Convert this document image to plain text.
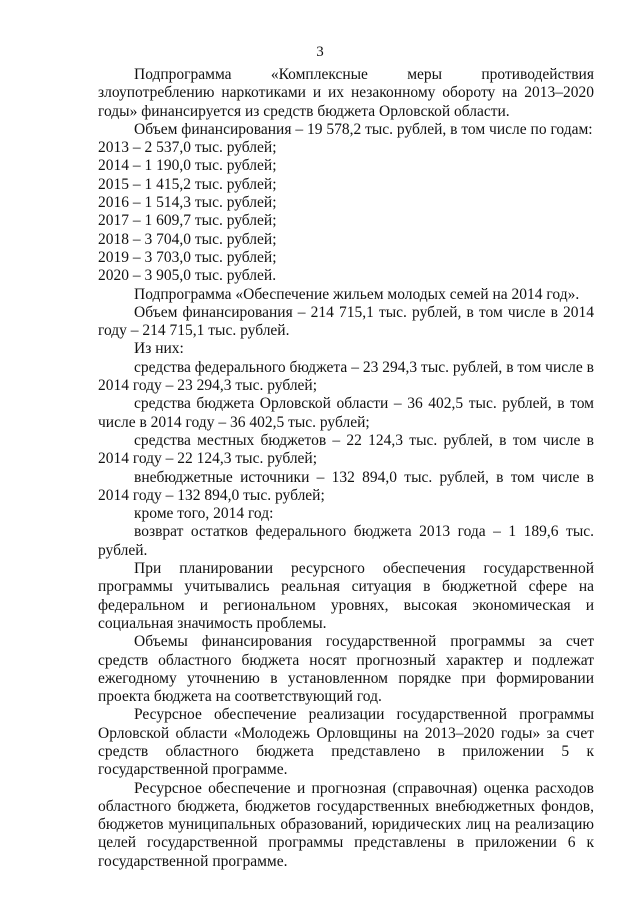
3

Подпрограмма «Комплексные меры противодействия злоупотреблению наркотиками и их незаконному обороту на 2013–2020 годы» финансируется из средств бюджета Орловской области.

Объем финансирования – 19 578,2 тыс. рублей, в том числе по годам:

2013 – 2 537,0 тыс. рублей;

2014 – 1 190,0 тыс. рублей;

2015 – 1 415,2 тыс. рублей;

2016 – 1 514,3 тыс. рублей;

2017 – 1 609,7 тыс. рублей;

2018 – 3 704,0 тыс. рублей;

2019 – 3 703,0 тыс. рублей;

2020 – 3 905,0 тыс. рублей.

Подпрограмма «Обеспечение жильем молодых семей на 2014 год».

Объем финансирования – 214 715,1 тыс. рублей, в том числе в 2014 году – 214 715,1 тыс. рублей.

Из них:

средства федерального бюджета – 23 294,3 тыс. рублей, в том числе в 2014 году – 23 294,3 тыс. рублей;

средства бюджета Орловской области – 36 402,5 тыс. рублей, в том числе в 2014 году – 36 402,5 тыс. рублей;

средства местных бюджетов – 22 124,3 тыс. рублей, в том числе в 2014 году – 22 124,3 тыс. рублей;

внебюджетные источники – 132 894,0 тыс. рублей, в том числе в 2014 году – 132 894,0 тыс. рублей;

кроме того, 2014 год:

возврат остатков федерального бюджета 2013 года – 1 189,6 тыс. рублей.

При планировании ресурсного обеспечения государственной программы учитывались реальная ситуация в бюджетной сфере на федеральном и региональном уровнях, высокая экономическая и социальная значимость проблемы.

Объемы финансирования государственной программы за счет средств областного бюджета носят прогнозный характер и подлежат ежегодному уточнению в установленном порядке при формировании проекта бюджета на соответствующий год.

Ресурсное обеспечение реализации государственной программы Орловской области «Молодежь Орловщины на 2013–2020 годы» за счет средств областного бюджета представлено в приложении 5 к государственной программе.

Ресурсное обеспечение и прогнозная (справочная) оценка расходов областного бюджета, бюджетов государственных внебюджетных фондов, бюджетов муниципальных образований, юридических лиц на реализацию целей государственной программы представлены в приложении 6 к государственной программе.
